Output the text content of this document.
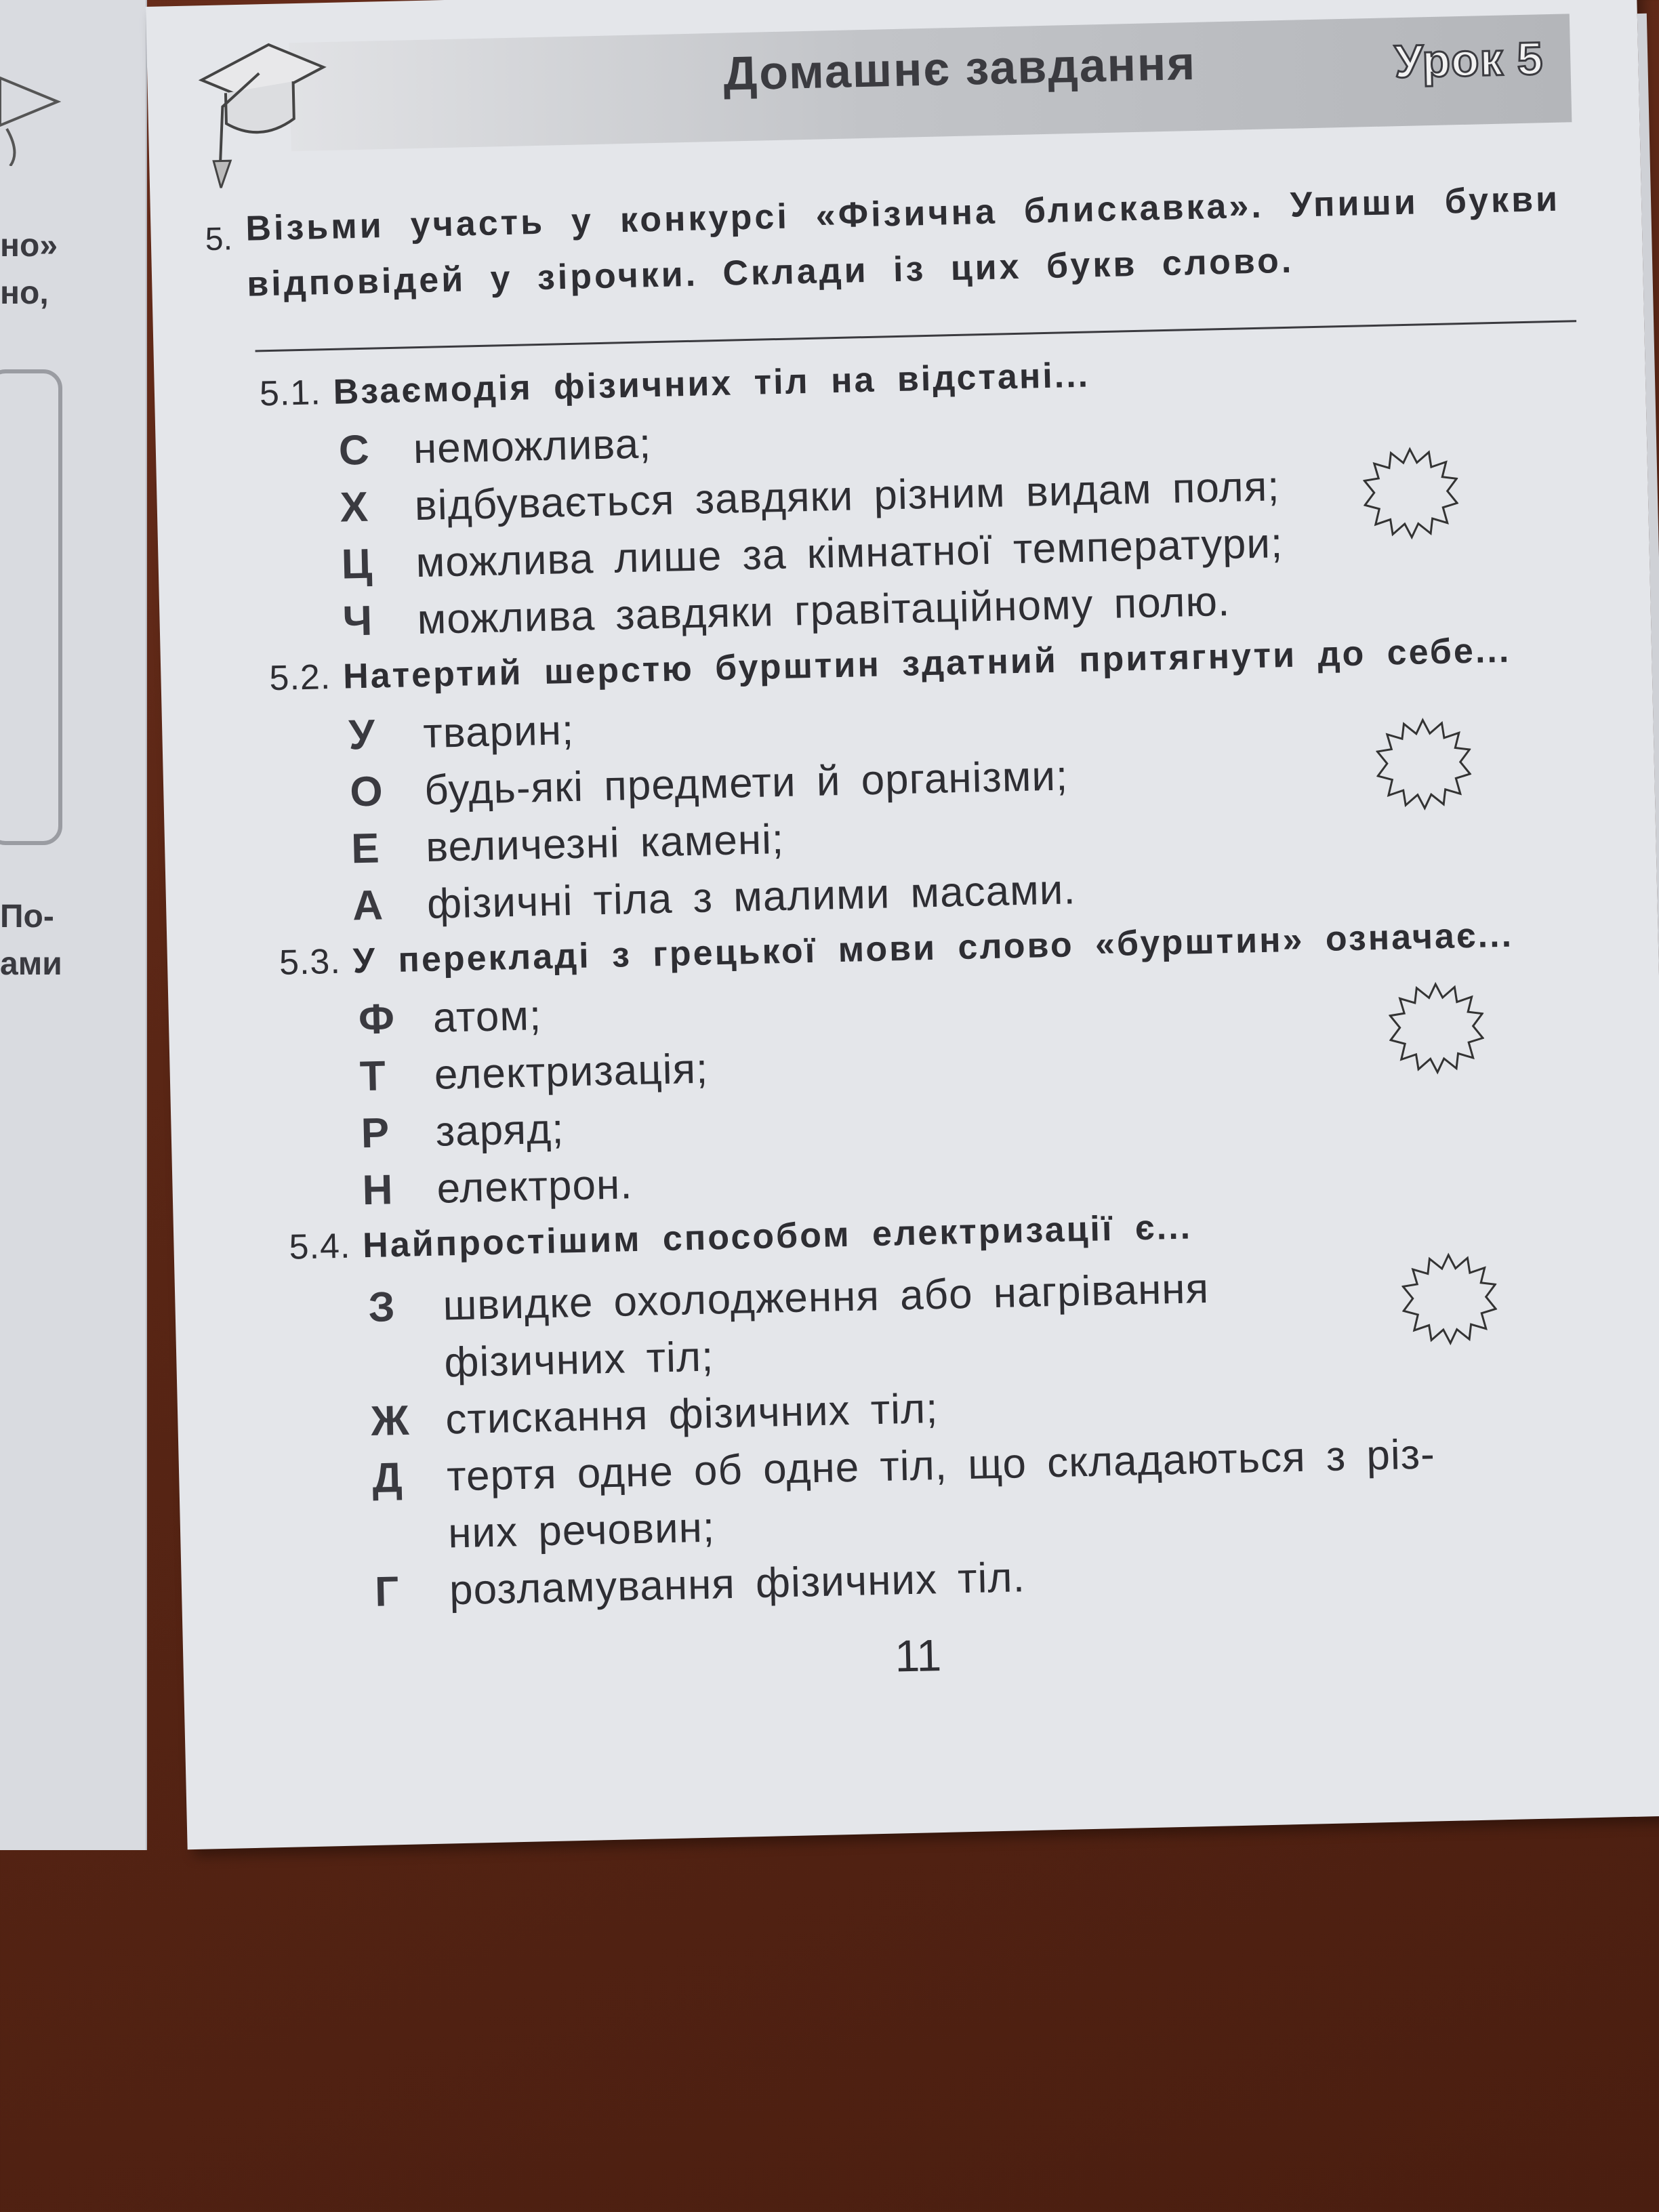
но»
но,
По-
ами
Домашнє завдання	Урок 5
5. Візьми участь у конкурсі «Фізична блискавка». Упиши букви відповідей у зірочки. Склади із цих букв слово.
5.1. Взаємодія фізичних тіл на відстані...
С неможлива;
Х відбувається завдяки різним видам поля;
Ц можлива лише за кімнатної температури;
Ч можлива завдяки гравітаційному полю.
5.2. Натертий шерстю бурштин здатний притягнути до себе...
У тварин;
О будь-які предмети й організми;
Е величезні камені;
А фізичні тіла з малими масами.
5.3. У перекладі з грецької мови слово «бурштин» означає...
Ф атом;
Т електризація;
Р заряд;
Н електрон.
5.4. Найпростішим способом електризації є...
З швидке охолодження або нагрівання
фізичних тіл;
Ж стискання фізичних тіл;
Д тертя одне об одне тіл, що складаються з різ-
них речовин;
Г розламування фізичних тіл.
11
